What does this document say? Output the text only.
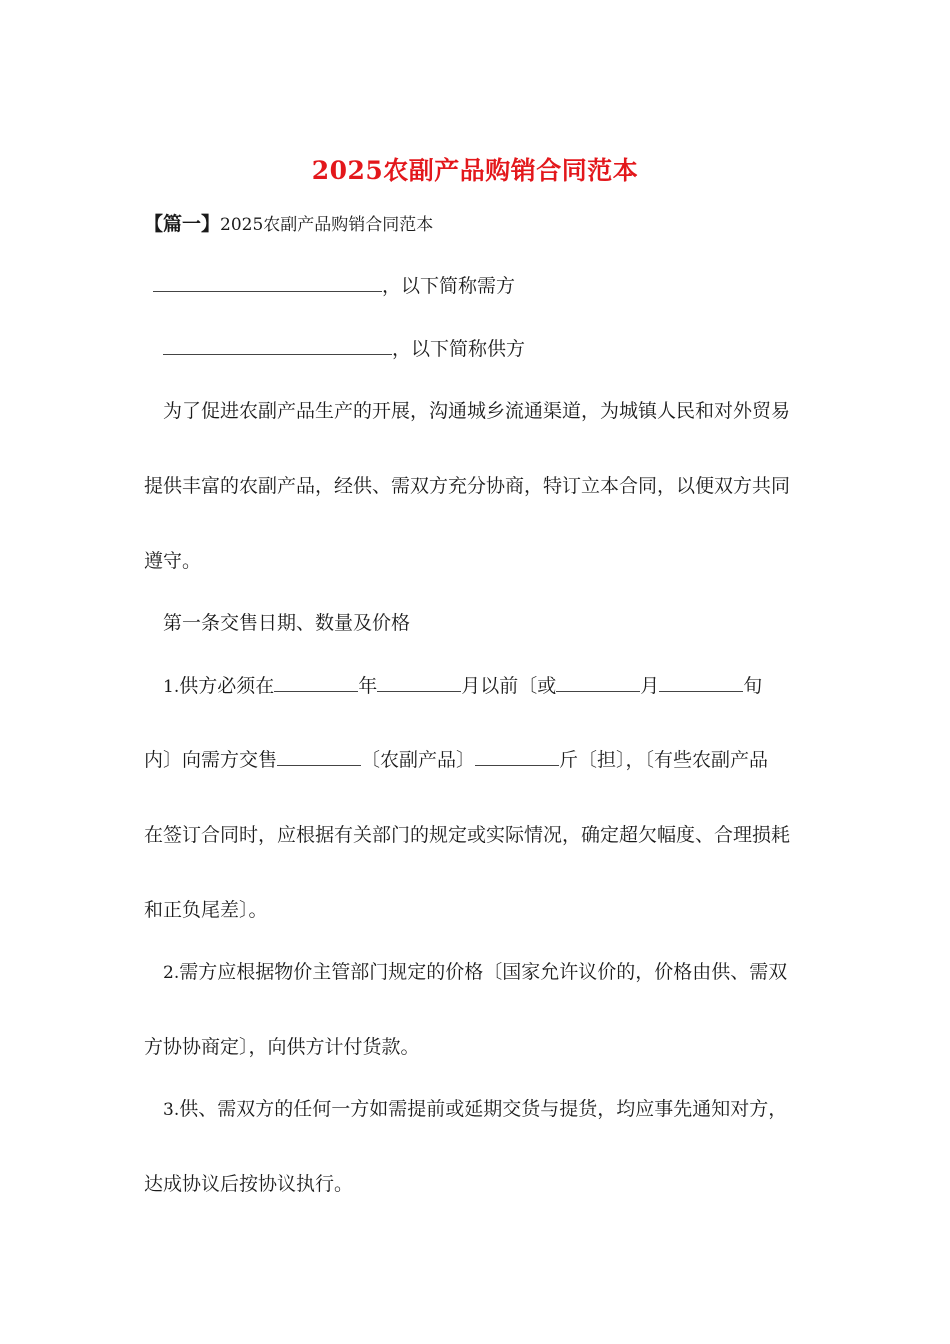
2025农副产品购销合同范本
【篇一】2025农副产品购销合同范本
，以下简称需方
，以下简称供方
为了促进农副产品生产的开展，沟通城乡流通渠道，为城镇人民和对外贸易
提供丰富的农副产品，经供、需双方充分协商，特订立本合同，以便双方共同
遵守。
第一条交售日期、数量及价格
1.供方必须在	年	月以前〔或	月	旬
内〕向需方交售	〔农副产品〕	斤〔担〕，〔有些农副产品
在签订合同时，应根据有关部门的规定或实际情况，确定超欠幅度、合理损耗
和正负尾差〕。
2.需方应根据物价主管部门规定的价格〔国家允许议价的，价格由供、需双
方协协商定〕，向供方计付货款。
3.供、需双方的任何一方如需提前或延期交货与提货，均应事先通知对方，
达成协议后按协议执行。
